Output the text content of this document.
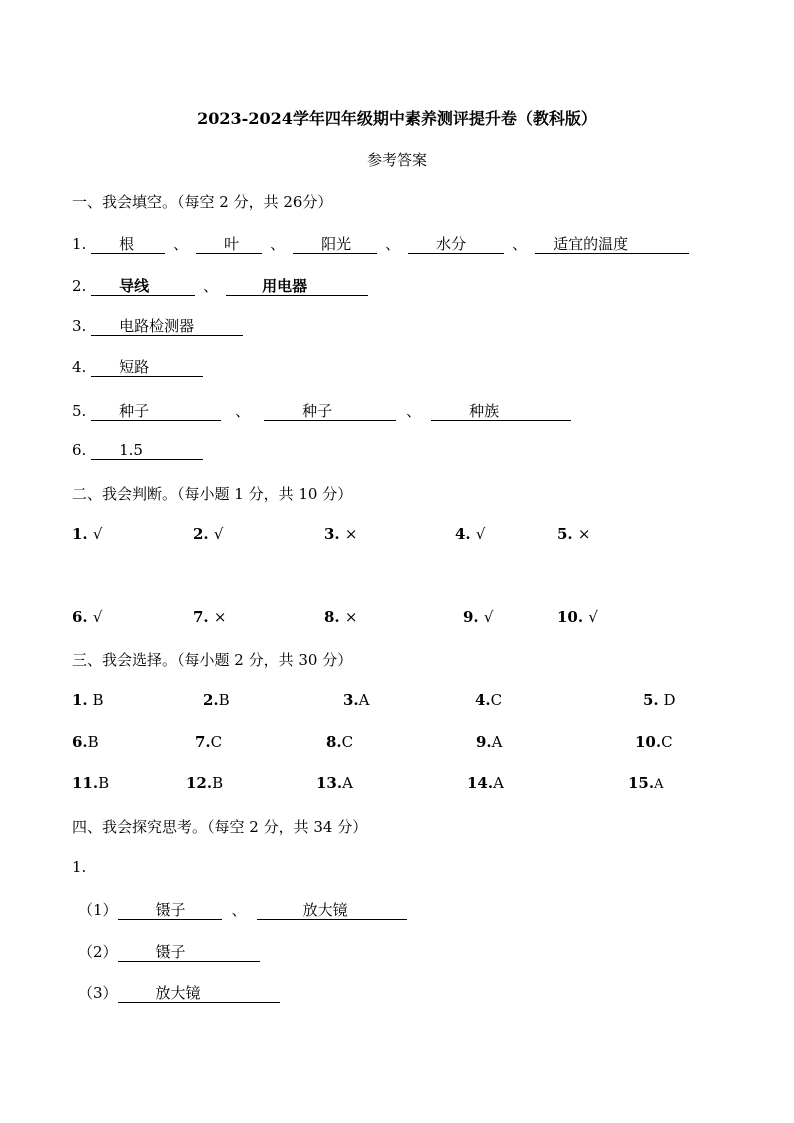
2023-2024学年四年级期中素养测评提升卷（教科版）
参考答案
一、我会填空。（每空 2 分，共 26分）
1. 根	、 叶 、 阳光 、 水分	、 适宜的温度
2. 导线	、	用电器
3. 电路检测器
4. 短路
5. 种子	、	种子	、	种族
6. 1.5
二、我会判断。（每小题 1 分，共 10 分）
1. √	2. √	3. ×	4. √	5. ×
6. √	7. ×	8. ×	9. √	10. √
三、我会选择。（每小题 2 分，共 30 分）
1. B	2.B	3.A	4.C	5. D
6.B	7.C	8.C	9.A	10.C
11.B	12.B	13.A	14.A	15.A
四、我会探究思考。（每空 2 分，共 34 分）
1.
（1）	镊子	、	放大镜
（2）	镊子
（3）	放大镜
